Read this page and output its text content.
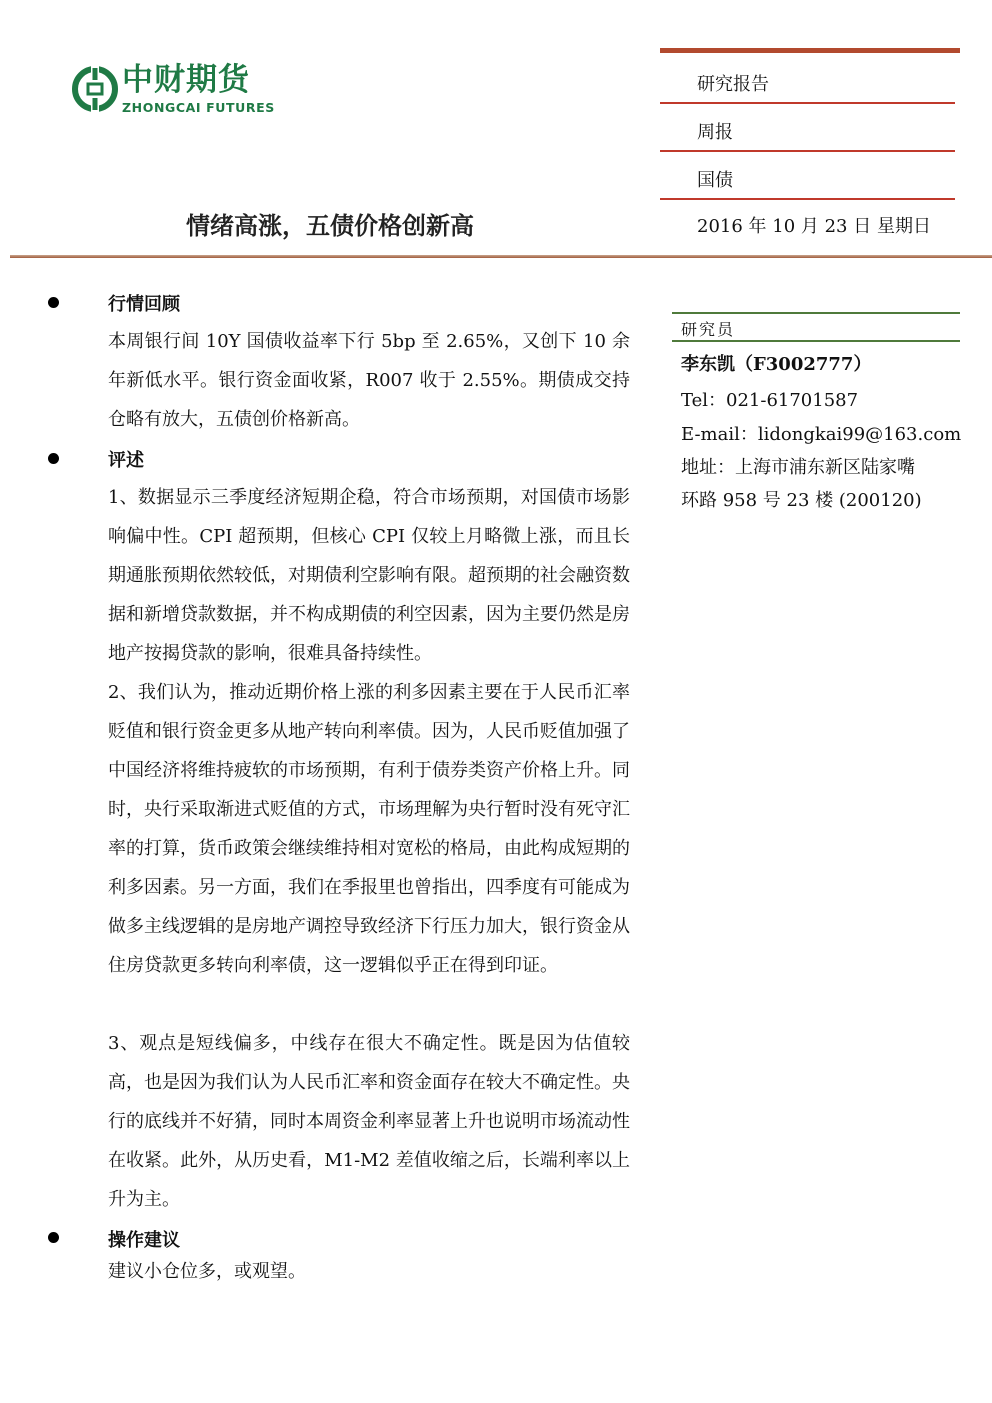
中财期货
ZHONGCAI FUTURES
研究报告
周报
国债
情绪高涨，五债价格创新高	2016 年 10 月 23 日 星期日
行情回顾
本周银行间 10Y 国债收益率下行 5bp 至 2.65%，又创下 10 余年新低水平。银行资金面收紧，R007 收于 2.55%。期债成交持仓略有放大，五债创价格新高。
评述
1、数据显示三季度经济短期企稳，符合市场预期，对国债市场影响偏中性。CPI 超预期，但核心 CPI 仅较上月略微上涨，而且长期通胀预期依然较低，对期债利空影响有限。超预期的社会融资数据和新增贷款数据，并不构成期债的利空因素，因为主要仍然是房地产按揭贷款的影响，很难具备持续性。
2、我们认为，推动近期价格上涨的利多因素主要在于人民币汇率贬值和银行资金更多从地产转向利率债。因为，人民币贬值加强了中国经济将维持疲软的市场预期，有利于债券类资产价格上升。同时，央行采取渐进式贬值的方式，市场理解为央行暂时没有死守汇率的打算，货币政策会继续维持相对宽松的格局，由此构成短期的利多因素。另一方面，我们在季报里也曾指出，四季度有可能成为做多主线逻辑的是房地产调控导致经济下行压力加大，银行资金从住房贷款更多转向利率债，这一逻辑似乎正在得到印证。
3、观点是短线偏多，中线存在很大不确定性。既是因为估值较高，也是因为我们认为人民币汇率和资金面存在较大不确定性。央行的底线并不好猜，同时本周资金利率显著上升也说明市场流动性在收紧。此外，从历史看，M1-M2 差值收缩之后，长端利率以上升为主。
操作建议
建议小仓位多，或观望。
研究员
李东凯（F3002777）
Tel：021-61701587
E-mail：lidongkai99@163.com
地址：上海市浦东新区陆家嘴
环路 958 号 23 楼 (200120)
